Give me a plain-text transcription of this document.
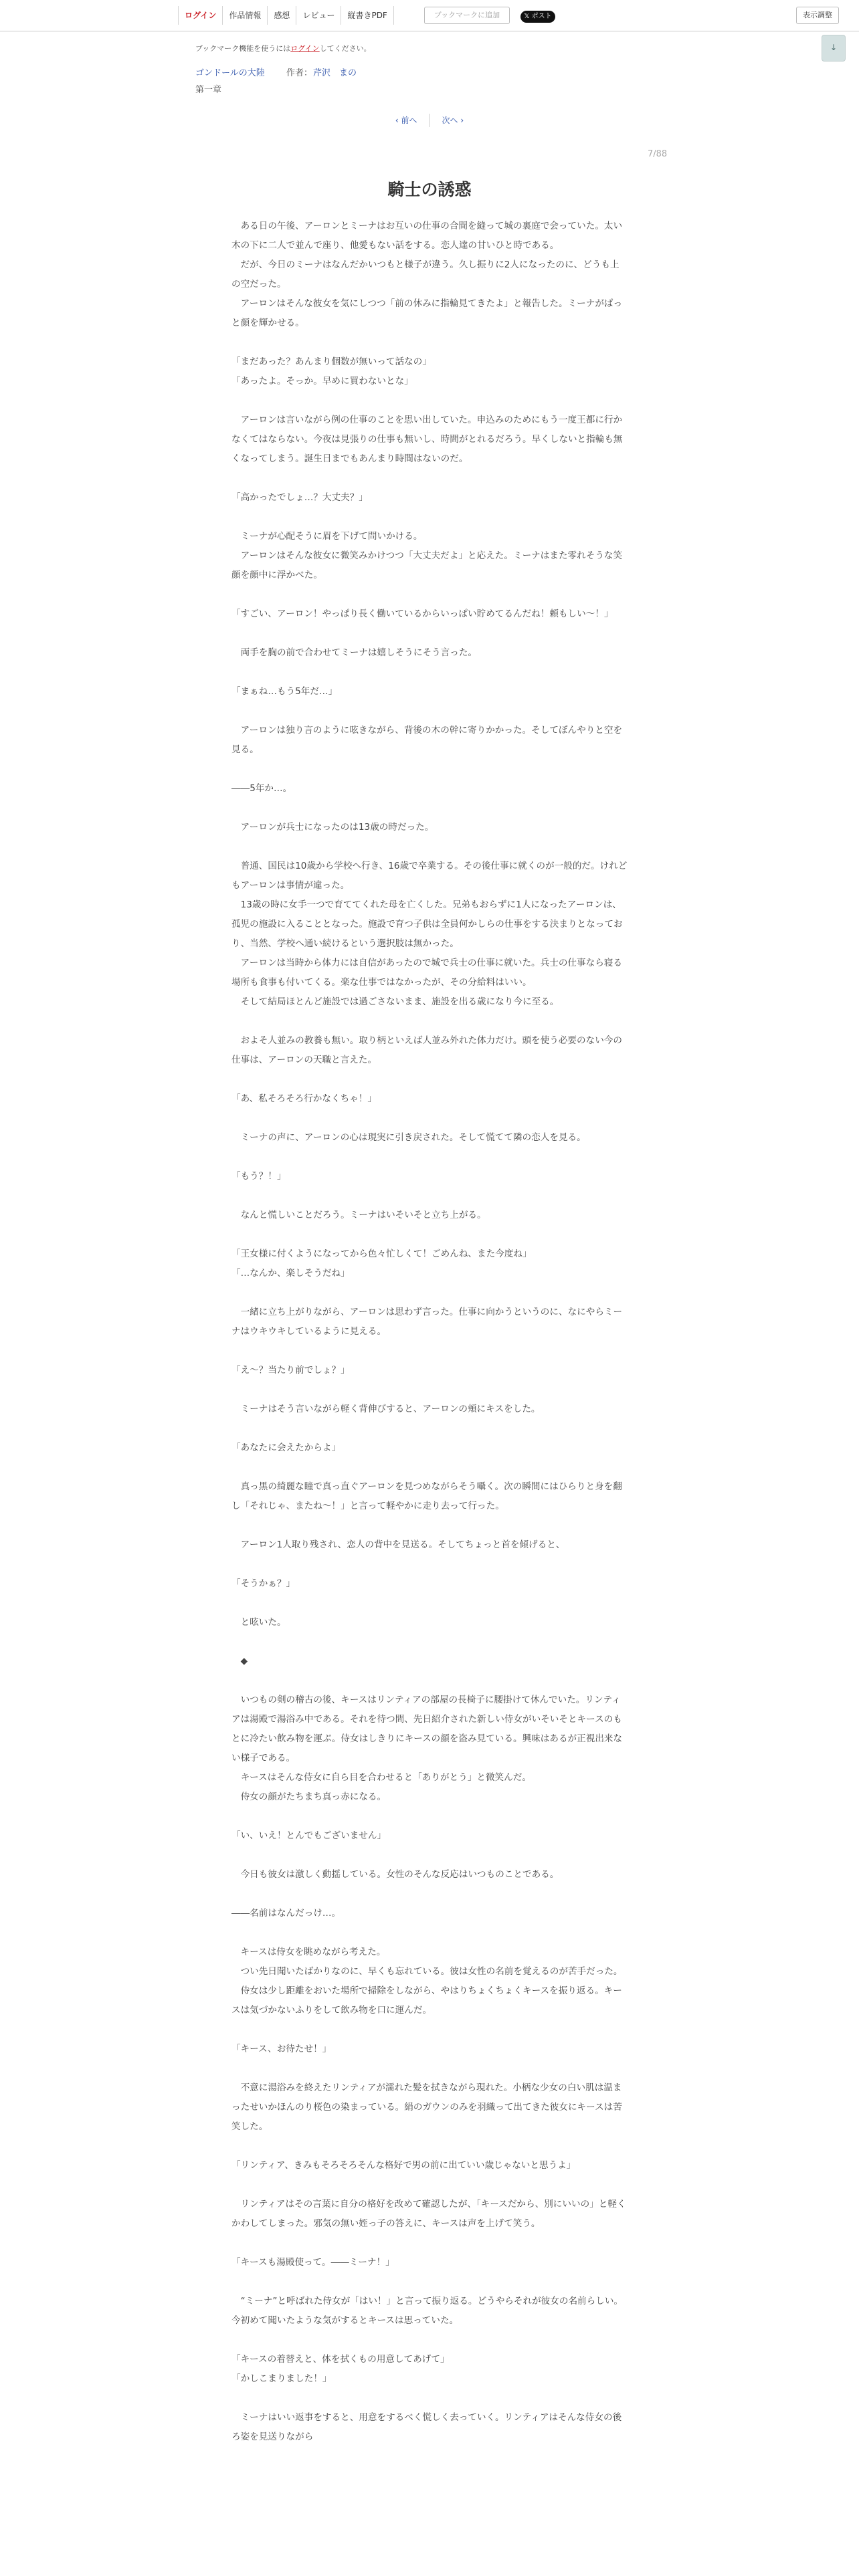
ログイン	作品情報	感想	レビュー	縦書きPDF	ブックマークに追加	𝕏 ポスト	表示調整
↓
ブックマーク機能を使うにはログインしてください。
ゴンドールの大陸 作者： 芹沢　まの
第一章
‹ 前へ	次へ ›
7/88
騎士の誘惑

　ある日の午後、アーロンとミーナはお互いの仕事の合間を縫って城の裏庭で会っていた。太い木の下に二人で並んで座り、他愛もない話をする。恋人達の甘いひと時である。

　だが、今日のミーナはなんだかいつもと様子が違う。久し振りに2人になったのに、どうも上の空だった。

　アーロンはそんな彼女を気にしつつ「前の休みに指輪見てきたよ」と報告した。ミーナがぱっと顔を輝かせる。

「まだあった？あんまり個数が無いって話なの」

「あったよ。そっか。早めに買わないとな」

　アーロンは言いながら例の仕事のことを思い出していた。申込みのためにもう一度王都に行かなくてはならない。今夜は見張りの仕事も無いし、時間がとれるだろう。早くしないと指輪も無くなってしまう。誕生日までもあんまり時間はないのだ。

「高かったでしょ…？大丈夫？」

　ミーナが心配そうに眉を下げて問いかける。

　アーロンはそんな彼女に微笑みかけつつ「大丈夫だよ」と応えた。ミーナはまた零れそうな笑顔を顔中に浮かべた。

「すごい、アーロン！やっぱり長く働いているからいっぱい貯めてるんだね！頼もしい～！」

　両手を胸の前で合わせてミーナは嬉しそうにそう言った。

「まぁね…もう5年だ…」

　アーロンは独り言のように呟きながら、背後の木の幹に寄りかかった。そしてぼんやりと空を見る。

――5年か…。

　アーロンが兵士になったのは13歳の時だった。

　普通、国民は10歳から学校へ行き、16歳で卒業する。その後仕事に就くのが一般的だ。けれどもアーロンは事情が違った。

　13歳の時に女手一つで育ててくれた母を亡くした。兄弟もおらずに1人になったアーロンは、孤児の施設に入ることとなった。施設で育つ子供は全員何かしらの仕事をする決まりとなっており、当然、学校へ通い続けるという選択肢は無かった。

　アーロンは当時から体力には自信があったので城で兵士の仕事に就いた。兵士の仕事なら寝る場所も食事も付いてくる。楽な仕事ではなかったが、その分給料はいい。

　そして結局ほとんど施設では過ごさないまま、施設を出る歳になり今に至る。

　およそ人並みの教養も無い。取り柄といえば人並み外れた体力だけ。頭を使う必要のない今の仕事は、アーロンの天職と言えた。

「あ、私そろそろ行かなくちゃ！」

　ミーナの声に、アーロンの心は現実に引き戻された。そして慌てて隣の恋人を見る。

「もう？！」

　なんと慌しいことだろう。ミーナはいそいそと立ち上がる。

「王女様に付くようになってから色々忙しくて！ごめんね、また今度ね」

「…なんか、楽しそうだね」

　一緒に立ち上がりながら、アーロンは思わず言った。仕事に向かうというのに、なにやらミーナはウキウキしているように見える。

「え～？当たり前でしょ？」

　ミーナはそう言いながら軽く背伸びすると、アーロンの頬にキスをした。

「あなたに会えたからよ」

　真っ黒の綺麗な瞳で真っ直ぐアーロンを見つめながらそう囁く。次の瞬間にはひらりと身を翻し「それじゃ、またね～！」と言って軽やかに走り去って行った。

　アーロン1人取り残され、恋人の背中を見送る。そしてちょっと首を傾げると、

「そうかぁ？」

　と呟いた。

　◆

　いつもの剣の稽古の後、キースはリンティアの部屋の長椅子に腰掛けて休んでいた。リンティアは湯殿で湯浴み中である。それを待つ間、先日紹介された新しい侍女がいそいそとキースのもとに冷たい飲み物を運ぶ。侍女はしきりにキースの顔を盗み見ている。興味はあるが正視出来ない様子である。

　キースはそんな侍女に自ら目を合わせると「ありがとう」と微笑んだ。

　侍女の顔がたちまち真っ赤になる。

「い、いえ！とんでもございません」

　今日も彼女は激しく動揺している。女性のそんな反応はいつものことである。

――名前はなんだっけ…。

　キースは侍女を眺めながら考えた。

　つい先日聞いたばかりなのに、早くも忘れている。彼は女性の名前を覚えるのが苦手だった。

　侍女は少し距離をおいた場所で掃除をしながら、やはりちょくちょくキースを振り返る。キースは気づかないふりをして飲み物を口に運んだ。

「キース、お待たせ！」

　不意に湯浴みを終えたリンティアが濡れた髪を拭きながら現れた。小柄な少女の白い肌は温まったせいかほんのり桜色の染まっている。絹のガウンのみを羽織って出てきた彼女にキースは苦笑した。

「リンティア、きみもそろそろそんな格好で男の前に出ていい歳じゃないと思うよ」

　リンティアはその言葉に自分の格好を改めて確認したが、「キースだから、別にいいの」と軽くかわしてしまった。邪気の無い姪っ子の答えに、キースは声を上げて笑う。

「キースも湯殿使って。――ミーナ！」

　“ミーナ”と呼ばれた侍女が「はい！」と言って振り返る。どうやらそれが彼女の名前らしい。今初めて聞いたような気がするとキースは思っていた。

「キースの着替えと、体を拭くもの用意してあげて」

「かしこまりました！」

　ミーナはいい返事をすると、用意をするべく慌しく去っていく。リンティアはそんな侍女の後ろ姿を見送りながら
